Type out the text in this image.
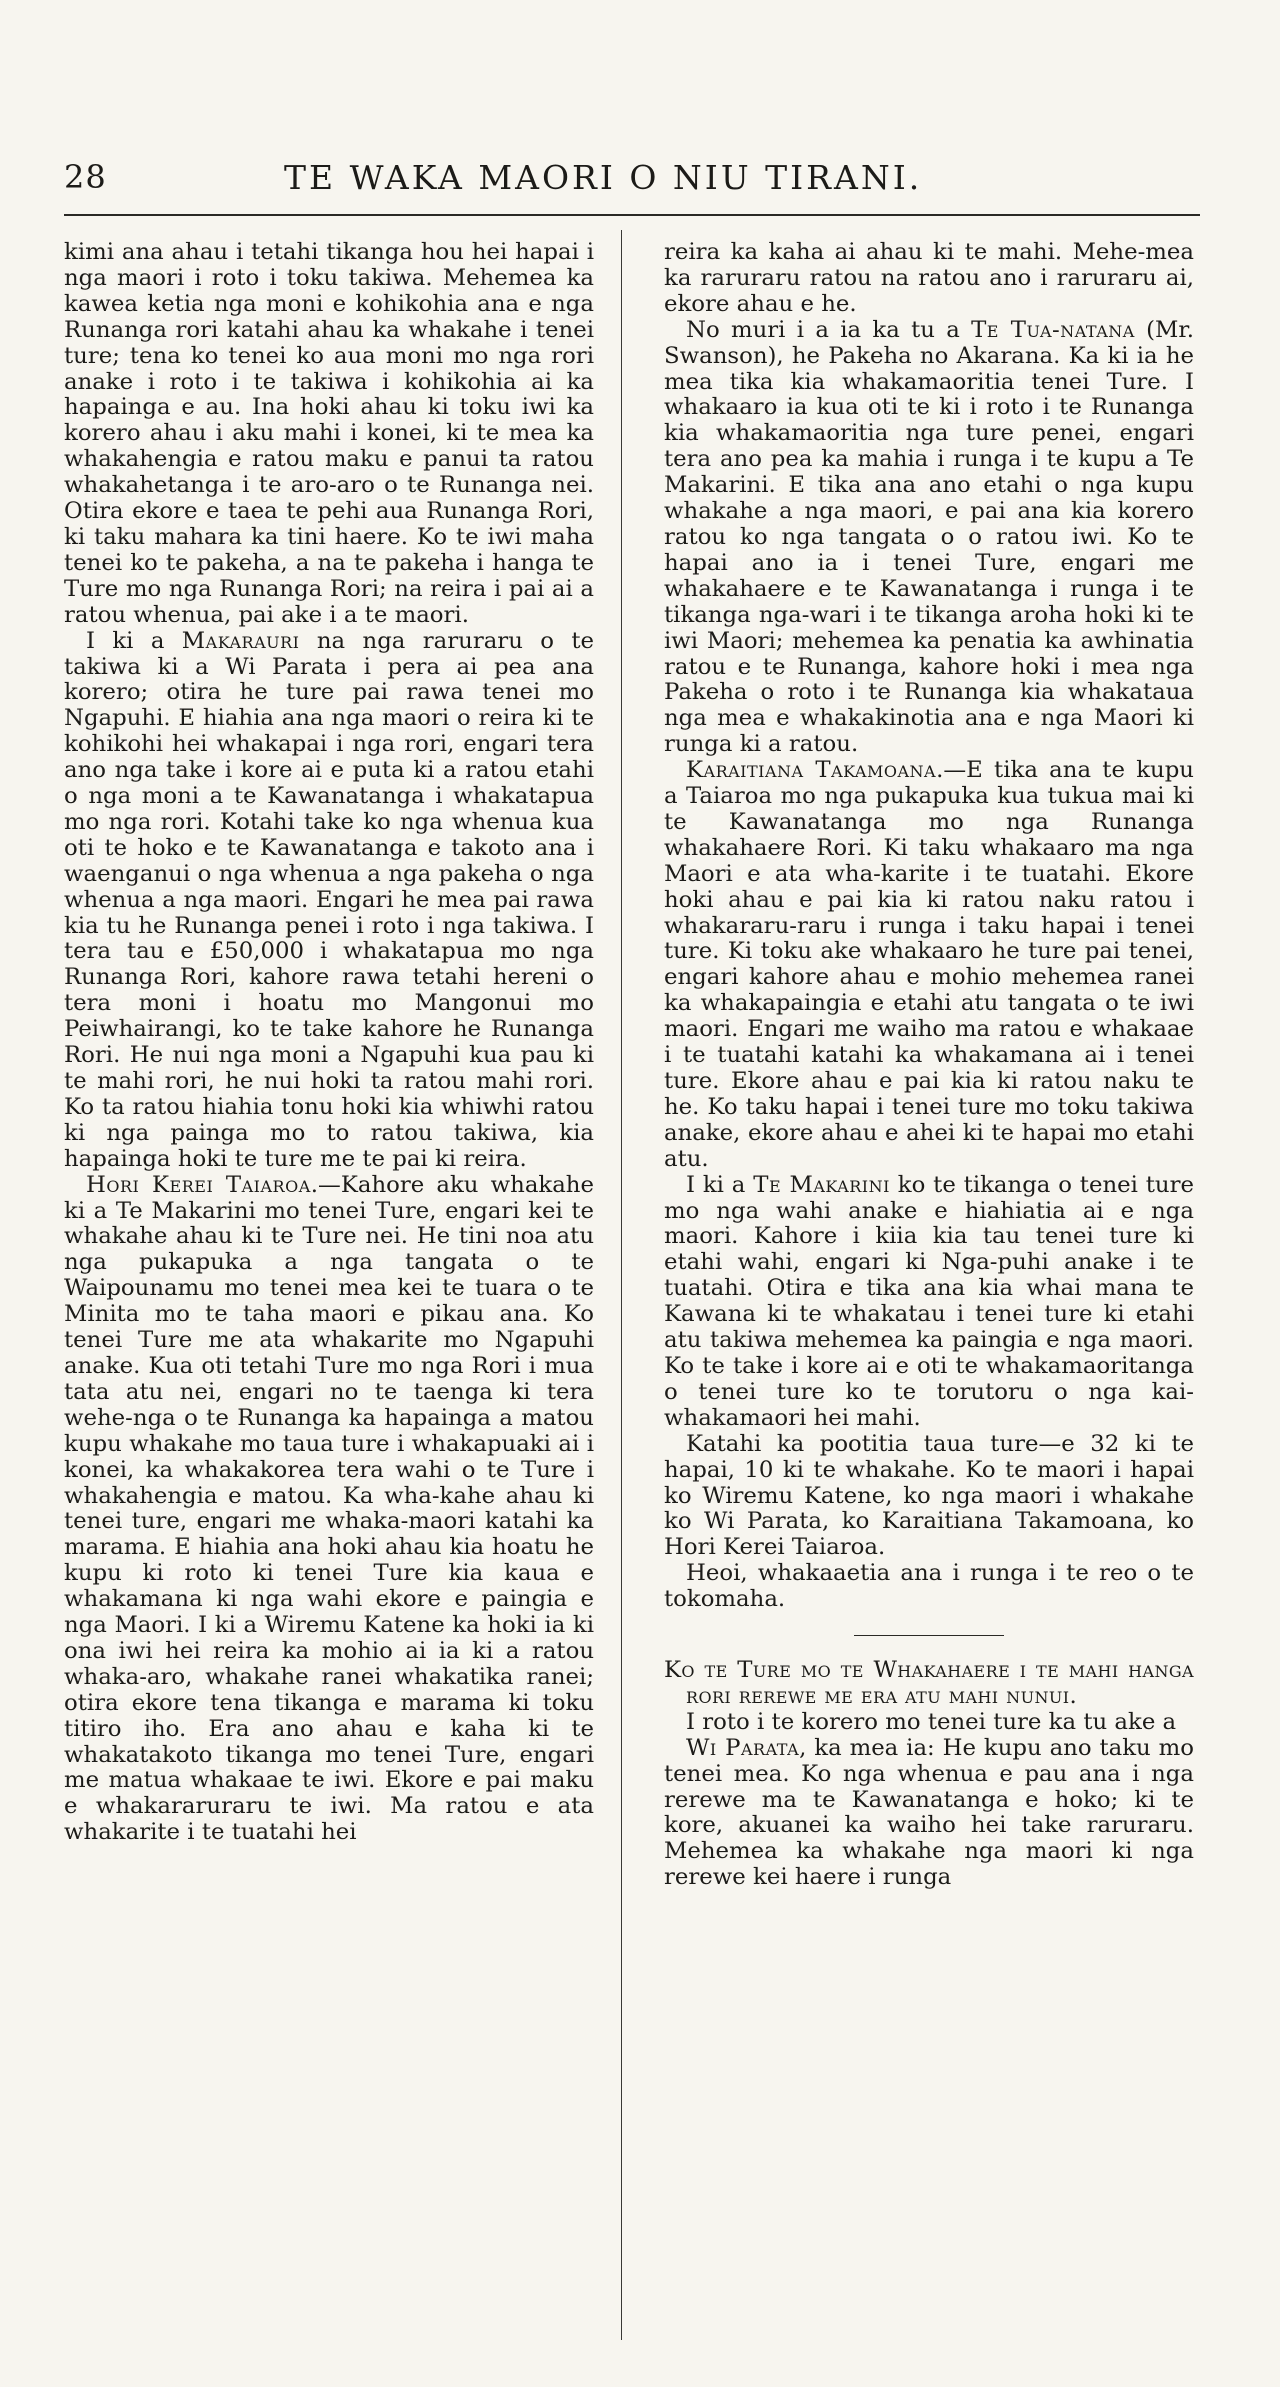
28	TE WAKA MAORI O NIU TIRANI.

kimi ana ahau i tetahi tikanga hou hei hapai i nga maori i roto i toku takiwa. Mehemea ka kawea ketia nga moni e kohikohia ana e nga Runanga rori katahi ahau ka whakahe i tenei ture; tena ko tenei ko aua moni mo nga rori anake i roto i te takiwa i kohikohia ai ka hapainga e au. Ina hoki ahau ki toku iwi ka korero ahau i aku mahi i konei, ki te mea ka whakahengia e ratou maku e panui ta ratou whakahetanga i te aro-aro o te Runanga nei. Otira ekore e taea te pehi aua Runanga Rori, ki taku mahara ka tini haere. Ko te iwi maha tenei ko te pakeha, a na te pakeha i hanga te Ture mo nga Runanga Rori; na reira i pai ai a ratou whenua, pai ake i a te maori.

I ki a Makarauri na nga raruraru o te takiwa ki a Wi Parata i pera ai pea ana korero; otira he ture pai rawa tenei mo Ngapuhi. E hiahia ana nga maori o reira ki te kohikohi hei whakapai i nga rori, engari tera ano nga take i kore ai e puta ki a ratou etahi o nga moni a te Kawanatanga i whakatapua mo nga rori. Kotahi take ko nga whenua kua oti te hoko e te Kawanatanga e takoto ana i waenganui o nga whenua a nga pakeha o nga whenua a nga maori. Engari he mea pai rawa kia tu he Runanga penei i roto i nga takiwa. I tera tau e £50,000 i whakatapua mo nga Runanga Rori, kahore rawa tetahi hereni o tera moni i hoatu mo Mangonui mo Peiwhairangi, ko te take kahore he Runanga Rori. He nui nga moni a Ngapuhi kua pau ki te mahi rori, he nui hoki ta ratou mahi rori. Ko ta ratou hiahia tonu hoki kia whiwhi ratou ki nga painga mo to ratou takiwa, kia hapainga hoki te ture me te pai ki reira.

Hori Kerei Taiaroa.—Kahore aku whakahe ki a Te Makarini mo tenei Ture, engari kei te whakahe ahau ki te Ture nei. He tini noa atu nga pukapuka a nga tangata o te Waipounamu mo tenei mea kei te tuara o te Minita mo te taha maori e pikau ana. Ko tenei Ture me ata whakarite mo Ngapuhi anake. Kua oti tetahi Ture mo nga Rori i mua tata atu nei, engari no te taenga ki tera wehe-nga o te Runanga ka hapainga a matou kupu whakahe mo taua ture i whakapuaki ai i konei, ka whakakorea tera wahi o te Ture i whakahengia e matou. Ka wha-kahe ahau ki tenei ture, engari me whaka-maori katahi ka marama. E hiahia ana hoki ahau kia hoatu he kupu ki roto ki tenei Ture kia kaua e whakamana ki nga wahi ekore e paingia e nga Maori. I ki a Wiremu Katene ka hoki ia ki ona iwi hei reira ka mohio ai ia ki a ratou whaka-aro, whakahe ranei whakatika ranei; otira ekore tena tikanga e marama ki toku titiro iho. Era ano ahau e kaha ki te whakatakoto tikanga mo tenei Ture, engari me matua whakaae te iwi. Ekore e pai maku e whakararuraru te iwi. Ma ratou e ata whakarite i te tuatahi hei

reira ka kaha ai ahau ki te mahi. Mehe-mea ka raruraru ratou na ratou ano i raruraru ai, ekore ahau e he.

No muri i a ia ka tu a Te Tua-natana (Mr. Swanson), he Pakeha no Akarana. Ka ki ia he mea tika kia whakamaoritia tenei Ture. I whakaaro ia kua oti te ki i roto i te Runanga kia whakamaoritia nga ture penei, engari tera ano pea ka mahia i runga i te kupu a Te Makarini. E tika ana ano etahi o nga kupu whakahe a nga maori, e pai ana kia korero ratou ko nga tangata o o ratou iwi. Ko te hapai ano ia i tenei Ture, engari me whakahaere e te Kawanatanga i runga i te tikanga nga-wari i te tikanga aroha hoki ki te iwi Maori; mehemea ka penatia ka awhinatia ratou e te Runanga, kahore hoki i mea nga Pakeha o roto i te Runanga kia whakataua nga mea e whakakinotia ana e nga Maori ki runga ki a ratou.

Karaitiana Takamoana.—E tika ana te kupu a Taiaroa mo nga pukapuka kua tukua mai ki te Kawanatanga mo nga Runanga whakahaere Rori. Ki taku whakaaro ma nga Maori e ata wha-karite i te tuatahi. Ekore hoki ahau e pai kia ki ratou naku ratou i whakararu-raru i runga i taku hapai i tenei ture. Ki toku ake whakaaro he ture pai tenei, engari kahore ahau e mohio mehemea ranei ka whakapaingia e etahi atu tangata o te iwi maori. Engari me waiho ma ratou e whakaae i te tuatahi katahi ka whakamana ai i tenei ture. Ekore ahau e pai kia ki ratou naku te he. Ko taku hapai i tenei ture mo toku takiwa anake, ekore ahau e ahei ki te hapai mo etahi atu.

I ki a Te Makarini ko te tikanga o tenei ture mo nga wahi anake e hiahiatia ai e nga maori. Kahore i kiia kia tau tenei ture ki etahi wahi, engari ki Nga-puhi anake i te tuatahi. Otira e tika ana kia whai mana te Kawana ki te whakatau i tenei ture ki etahi atu takiwa mehemea ka paingia e nga maori. Ko te take i kore ai e oti te whakamaoritanga o tenei ture ko te torutoru o nga kai-whakamaori hei mahi.

Katahi ka pootitia taua ture—e 32 ki te hapai, 10 ki te whakahe. Ko te maori i hapai ko Wiremu Katene, ko nga maori i whakahe ko Wi Parata, ko Karaitiana Takamoana, ko Hori Kerei Taiaroa.

Heoi, whakaaetia ana i runga i te reo o te tokomaha.

Ko te Ture mo te Whakahaere i te mahi hanga rori rerewe me era atu mahi nunui.

I roto i te korero mo tenei ture ka tu ake a

Wi Parata, ka mea ia: He kupu ano taku mo tenei mea. Ko nga whenua e pau ana i nga rerewe ma te Kawanatanga e hoko; ki te kore, akuanei ka waiho hei take raruraru. Mehemea ka whakahe nga maori ki nga rerewe kei haere i runga
